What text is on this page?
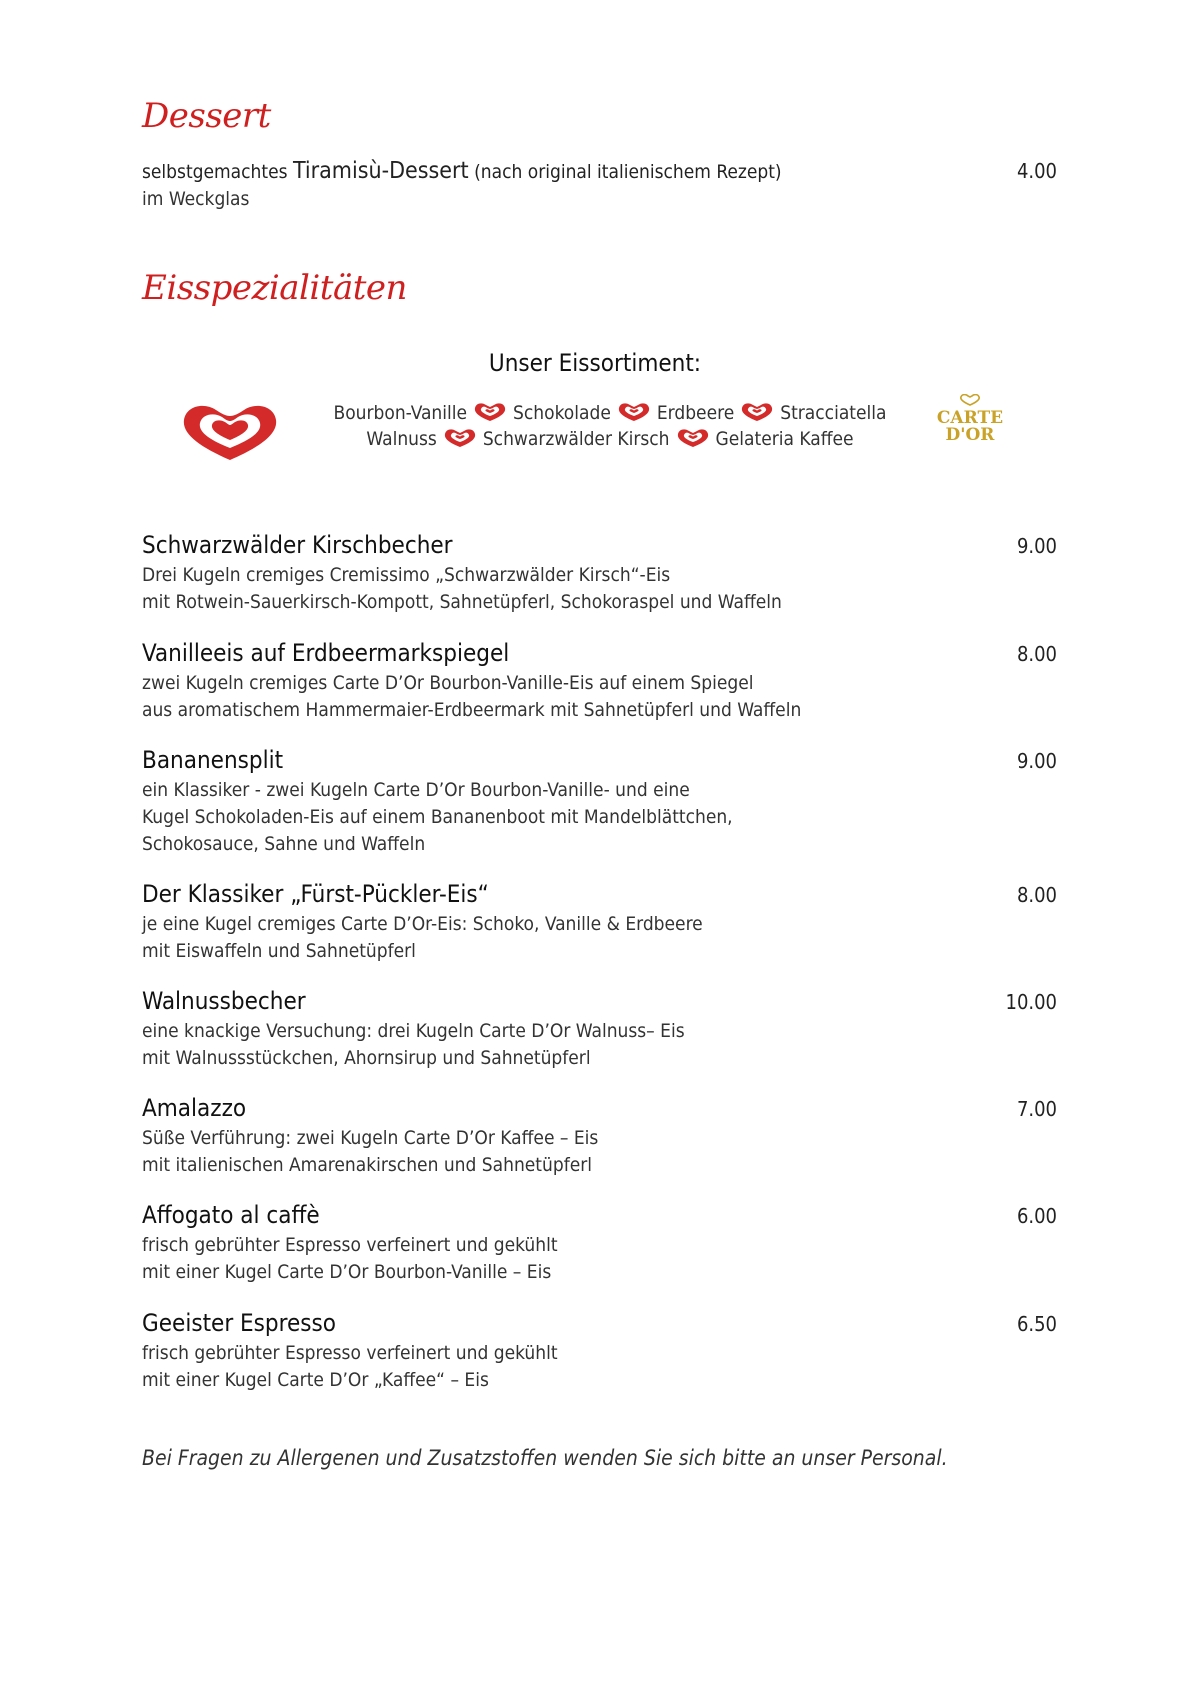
Dessert
selbstgemachtes Tiramisù-Dessert (nach original italienischem Rezept)
im Weckglas
4.00
Eisspezialitäten
Unser Eissortiment:
Bourbon-Vanille Schokolade Erdbeere Stracciatella
Walnuss Schwarzwälder Kirsch Gelateria Kaffee
CARTE
D'OR
Schwarzwälder Kirschbecher
Drei Kugeln cremiges Cremissimo „Schwarzwälder Kirsch“-Eis
mit Rotwein-Sauerkirsch-Kompott, Sahnetüpferl, Schokoraspel und Waffeln
9.00
Vanilleeis auf Erdbeermarkspiegel
zwei Kugeln cremiges Carte D’Or Bourbon-Vanille-Eis auf einem Spiegel
aus aromatischem Hammermaier-Erdbeermark mit Sahnetüpferl und Waffeln
8.00
Bananensplit
ein Klassiker - zwei Kugeln Carte D’Or Bourbon-Vanille- und eine
Kugel Schokoladen-Eis auf einem Bananenboot mit Mandelblättchen,
Schokosauce, Sahne und Waffeln
9.00
Der Klassiker „Fürst-Pückler-Eis“
je eine Kugel cremiges Carte D’Or-Eis: Schoko, Vanille & Erdbeere
mit Eiswaffeln und Sahnetüpferl
8.00
Walnussbecher
eine knackige Versuchung: drei Kugeln Carte D’Or Walnuss– Eis
mit Walnussstückchen, Ahornsirup und Sahnetüpferl
10.00
Amalazzo
Süße Verführung: zwei Kugeln Carte D’Or Kaffee – Eis
mit italienischen Amarenakirschen und Sahnetüpferl
7.00
Affogato al caffè
frisch gebrühter Espresso verfeinert und gekühlt
mit einer Kugel Carte D’Or Bourbon-Vanille – Eis
6.00
Geeister Espresso
frisch gebrühter Espresso verfeinert und gekühlt
mit einer Kugel Carte D’Or „Kaffee“ – Eis
6.50
Bei Fragen zu Allergenen und Zusatzstoffen wenden Sie sich bitte an unser Personal.
